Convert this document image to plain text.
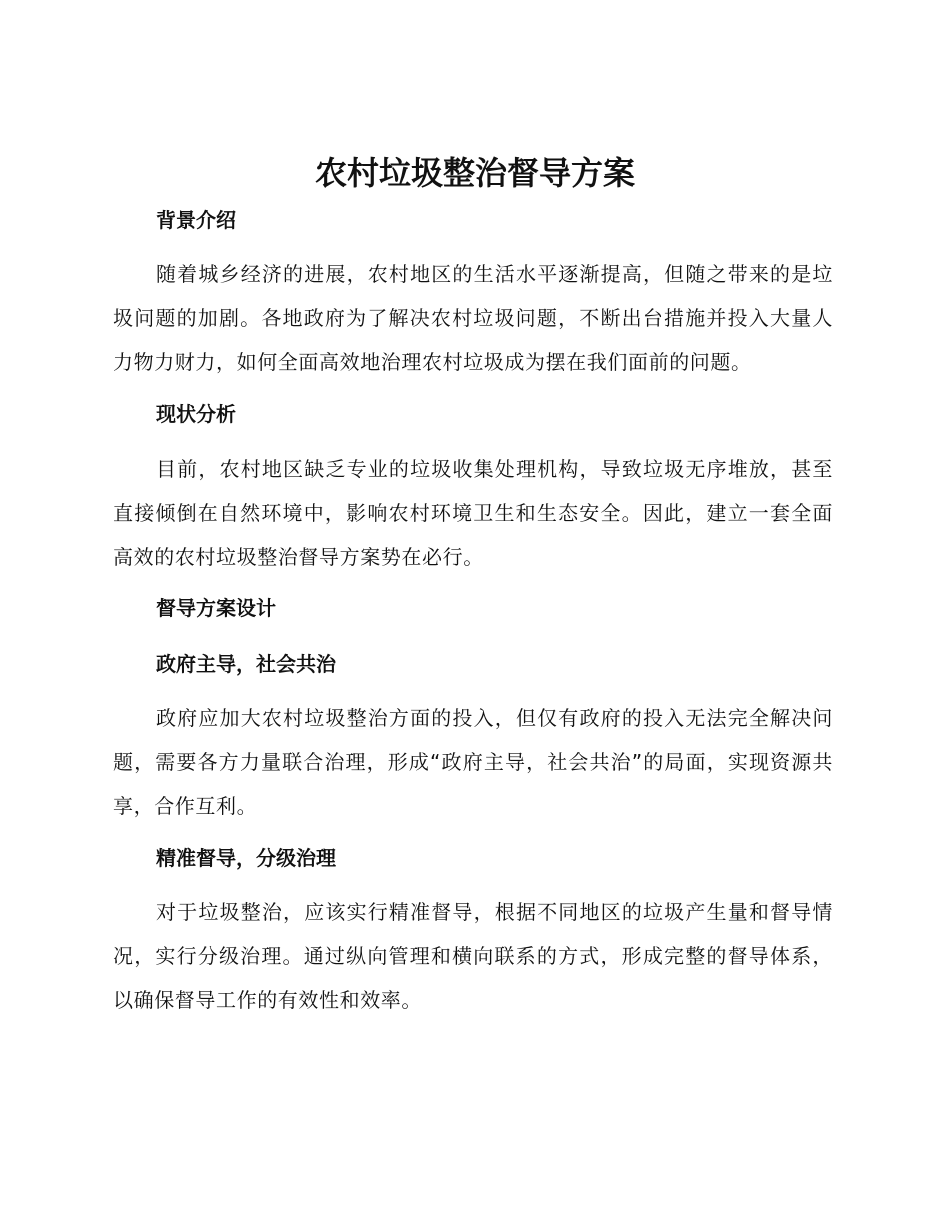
农村垃圾整治督导方案
背景介绍
随着城乡经济的进展，农村地区的生活水平逐渐提高，但随之带来的是垃圾问题的加剧。各地政府为了解决农村垃圾问题，不断出台措施并投入大量人力物力财力，如何全面高效地治理农村垃圾成为摆在我们面前的问题。
现状分析
目前，农村地区缺乏专业的垃圾收集处理机构，导致垃圾无序堆放，甚至直接倾倒在自然环境中，影响农村环境卫生和生态安全。因此，建立一套全面高效的农村垃圾整治督导方案势在必行。
督导方案设计
政府主导，社会共治
政府应加大农村垃圾整治方面的投入，但仅有政府的投入无法完全解决问题，需要各方力量联合治理，形成“政府主导，社会共治”的局面，实现资源共享，合作互利。
精准督导，分级治理
对于垃圾整治，应该实行精准督导，根据不同地区的垃圾产生量和督导情况，实行分级治理。通过纵向管理和横向联系的方式，形成完整的督导体系，以确保督导工作的有效性和效率。
